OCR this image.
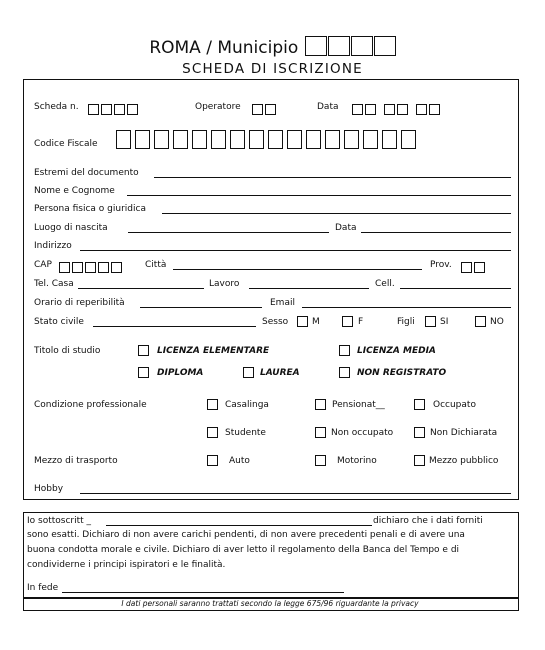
ROMA / Municipio
SCHEDA DI ISCRIZIONE
Scheda n.	Operatore	Data
Codice Fiscale
Estremi del documento
Nome e Cognome
Persona fisica o giuridica
Luogo di nascita	Data
Indirizzo
CAP	Città	Prov.
Tel. Casa	Lavoro	Cell.
Orario di reperibilità	Email
Stato civile	Sesso	M	F	Figli	SI	NO
Titolo di studio	LICENZA ELEMENTARE	LICENZA MEDIA
DIPLOMA	LAUREA	NON REGISTRATO
Condizione professionale	Casalinga	Pensionat__	Occupato
Studente	Non occupato	Non Dichiarata
Mezzo di trasporto	Auto	Motorino	Mezzo pubblico
Hobby
Io sottoscritt _	dichiaro che i dati forniti
sono esatti. Dichiaro di non avere carichi pendenti, di non avere precedenti penali e di avere una
buona condotta morale e civile. Dichiaro di aver letto il regolamento della Banca del Tempo e di
condividerne i principi ispiratori e le finalità.
In fede
I dati personali saranno trattati secondo la legge 675/96 riguardante la privacy
